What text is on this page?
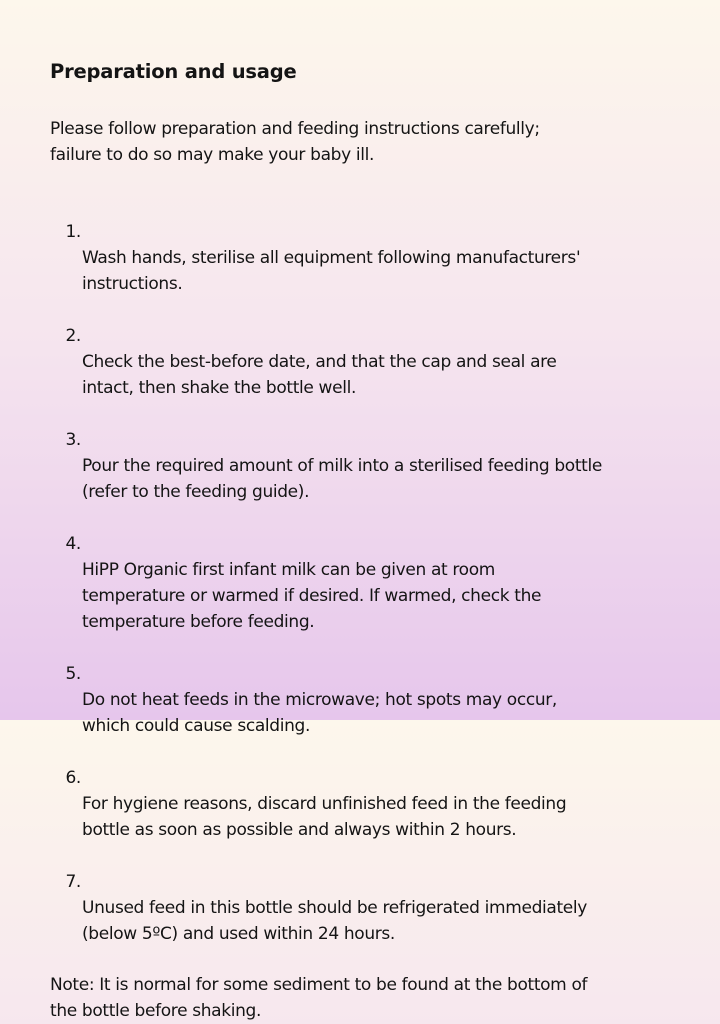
Preparation and usage

Please follow preparation and feeding instructions carefully;
failure to do so may make your baby ill.

1.

Wash hands, sterilise all equipment following manufacturers'
instructions.

2.

Check the best-before date, and that the cap and seal are
intact, then shake the bottle well.

3.

Pour the required amount of milk into a sterilised feeding bottle
(refer to the feeding guide).

4.

HiPP Organic first infant milk can be given at room
temperature or warmed if desired. If warmed, check the
temperature before feeding.

5.

Do not heat feeds in the microwave; hot spots may occur,
which could cause scalding.

6.

For hygiene reasons, discard unfinished feed in the feeding
bottle as soon as possible and always within 2 hours.

7.

Unused feed in this bottle should be refrigerated immediately
(below 5ºC) and used within 24 hours.

Note: It is normal for some sediment to be found at the bottom of
the bottle before shaking.
